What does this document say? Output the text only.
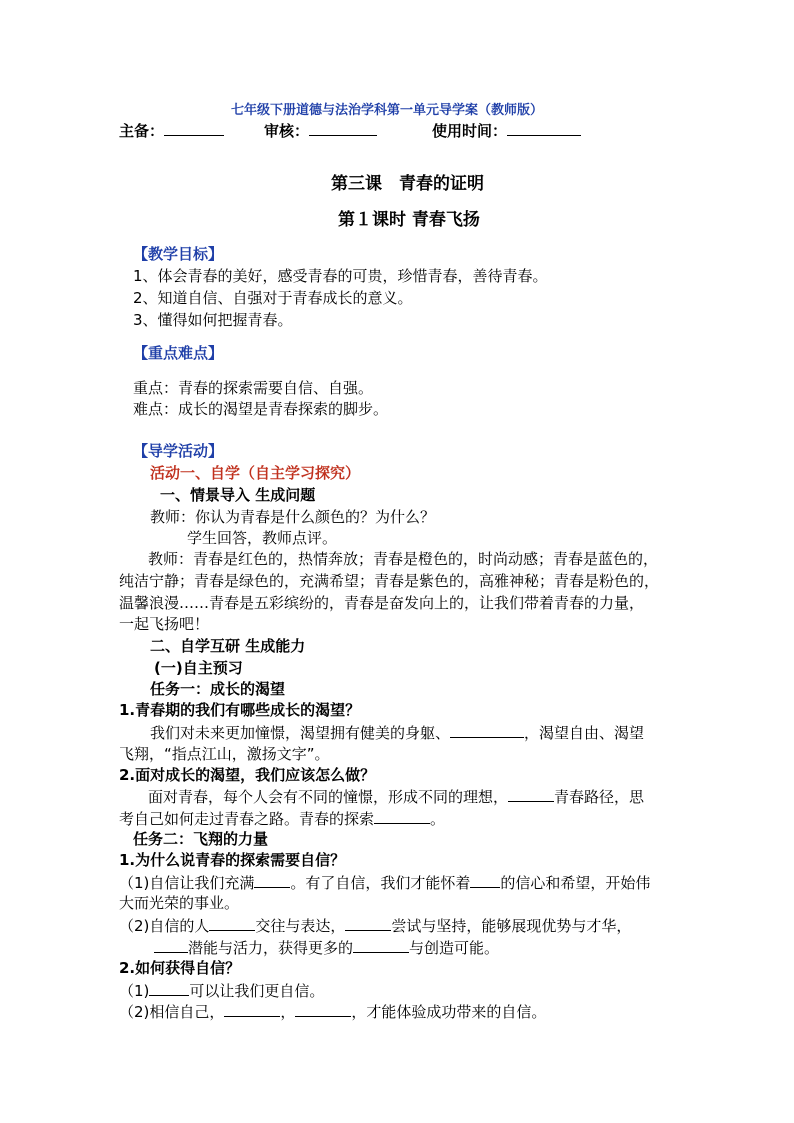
七年级下册道德与法治学科第一单元导学案（教师版）
主备：	审核：	使用时间：
第三课　青春的证明
第１课时 青春飞扬
【教学目标】
1、体会青春的美好，感受青春的可贵，珍惜青春，善待青春。
2、知道自信、自强对于青春成长的意义。
3、懂得如何把握青春。
【重点难点】
重点：青春的探索需要自信、自强。
难点：成长的渴望是青春探索的脚步。
【导学活动】
活动一、自学（自主学习探究）
一、情景导入 生成问题
教师：你认为青春是什么颜色的？为什么？
学生回答，教师点评。
教师：青春是红色的，热情奔放；青春是橙色的，时尚动感；青春是蓝色的，
纯洁宁静；青春是绿色的，充满希望；青春是紫色的，高雅神秘；青春是粉色的，
温馨浪漫……青春是五彩缤纷的，青春是奋发向上的，让我们带着青春的力量，
一起飞扬吧！
二、自学互研 生成能力
(一)自主预习
任务一：成长的渴望
1.青春期的我们有哪些成长的渴望？
我们对未来更加憧憬，渴望拥有健美的身躯、	，渴望自由、渴望
飞翔，“指点江山，激扬文字”。
2.面对成长的渴望，我们应该怎么做？
面对青春，每个人会有不同的憧憬，形成不同的理想，	青春路径，思
考自己如何走过青春之路。青春的探索	。
任务二：飞翔的力量
1.为什么说青春的探索需要自信？
（1)自信让我们充满 。有了自信，我们才能怀着 的信心和希望，开始伟
大而光荣的事业。
（2)自信的人	交往与表达，	尝试与坚持，能够展现优势与才华，
潜能与活力，获得更多的	与创造可能。
2.如何获得自信？
（1)	可以让我们更自信。
（2)相信自己，	，	，才能体验成功带来的自信。
